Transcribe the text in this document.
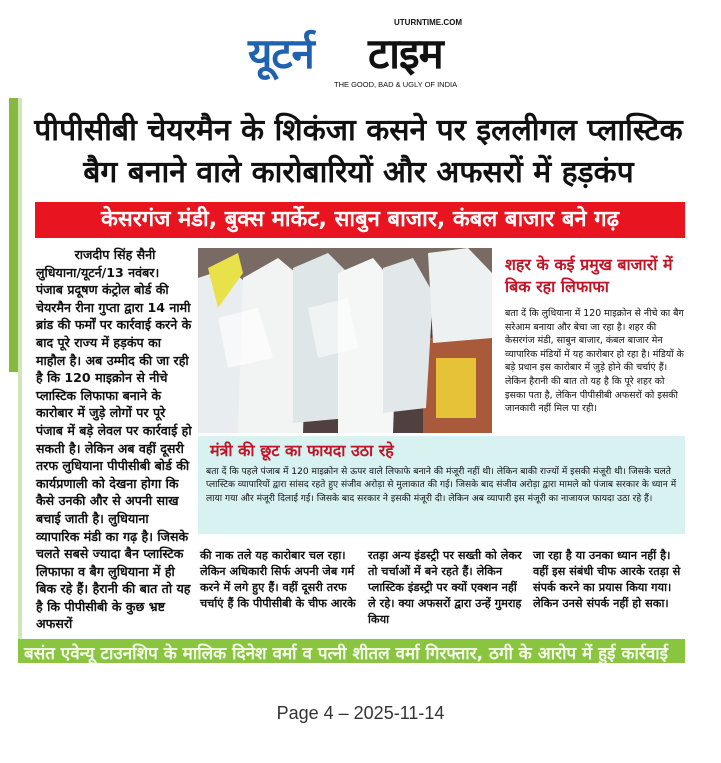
UTURNTIME.COM
यूटर्न टाइम
THE GOOD, BAD & UGLY OF INDIA
पीपीसीबी चेयरमैन के शिकंजा कसने पर इललीगल प्लास्टिक
बैग बनाने वाले कारोबारियों और अफसरों में हड़कंप
केसरगंज मंडी, बुक्स मार्केट, साबुन बाजार, कंबल बाजार बने गढ़
राजदीप सिंह सैनी
लुधियाना/यूटर्न/13 नवंबर।
पंजाब प्रदूषण कंट्रोल बोर्ड की चेयरमैन रीना गुप्ता द्वारा 14 नामी ब्रांड की फर्मों पर कार्रवाई करने के बाद पूरे राज्य में हड़कंप का माहौल है। अब उम्मीद की जा रही है कि 120 माइक्रोन से नीचे प्लास्टिक लिफाफा बनाने के कारोबार में जुड़े लोगों पर पूरे पंजाब में बड़े लेवल पर कार्रवाई हो सकती है। लेकिन अब वहीं दूसरी तरफ लुधियाना पीपीसीबी बोर्ड की कार्यप्रणाली को देखना होगा कि कैसे उनकी और से अपनी साख बचाई जाती है। लुधियाना व्यापारिक मंडी का गढ़ है। जिसके चलते सबसे ज्यादा बैन प्लास्टिक लिफाफा व बैग लुधियाना में ही बिक रहे हैं। हैरानी की बात तो यह है कि पीपीसीबी के कुछ भ्रष्ट अफसरों
शहर के कई प्रमुख बाजारों में बिक रहा लिफाफा
बता दें कि लुधियाना में 120 माइक्रोन से नीचे का बैग सरेआम बनाया और बेचा जा रहा है। शहर की केसरगंज मंडी, साबुन बाजार, कंबल बाजार मेन व्यापारिक मंडियों में यह कारोबार हो रहा है। मंडियों के बड़े प्रधान इस कारोबार में जुड़े होने की चर्चाएं हैं। लेकिन हैरानी की बात तो यह है कि पूरे शहर को इसका पता है, लेकिन पीपीसीबी अफसरों को इसकी जानकारी नहीं मिल पा रही।
मंत्री की छूट का फायदा उठा रहे
बता दें कि पहले पंजाब में 120 माइक्रोन से ऊपर वाले लिफाफे बनाने की मंजूरी नहीं थी। लेकिन बाकी राज्यों में इसकी मंजूरी थी। जिसके चलते प्लास्टिक व्यापारियों द्वारा सांसद रहते हुए संजीव अरोड़ा से मुलाकात की गई। जिसके बाद संजीव अरोड़ा द्वारा मामले को पंजाब सरकार के ध्यान में लाया गया और मंजूरी दिलाई गई। जिसके बाद सरकार ने इसकी मंजूरी दी। लेकिन अब व्यापारी इस मंजूरी का नाजायज फायदा उठा रहे हैं।
की नाक तले यह कारोबार चल रहा। लेकिन अधिकारी सिर्फ अपनी जेब गर्म करने में लगे हुए हैं। वहीं दूसरी तरफ चर्चाएं हैं कि पीपीसीबी के चीफ आरके
रतड़ा अन्य इंडस्ट्री पर सख्ती को लेकर तो चर्चाओं में बने रहते हैं। लेकिन प्लास्टिक इंडस्ट्री पर क्यों एक्शन नहीं ले रहे। क्या अफसरों द्वारा उन्हें गुमराह किया
जा रहा है या उनका ध्यान नहीं है। वहीं इस संबंधी चीफ आरके रतड़ा से संपर्क करने का प्रयास किया गया। लेकिन उनसे संपर्क नहीं हो सका।
बसंत एवेन्यू टाउनशिप के मालिक दिनेश वर्मा व पत्नी शीतल वर्मा गिरफ्तार, ठगी के आरोप में हुई कार्रवाई
Page 4 – 2025-11-14
